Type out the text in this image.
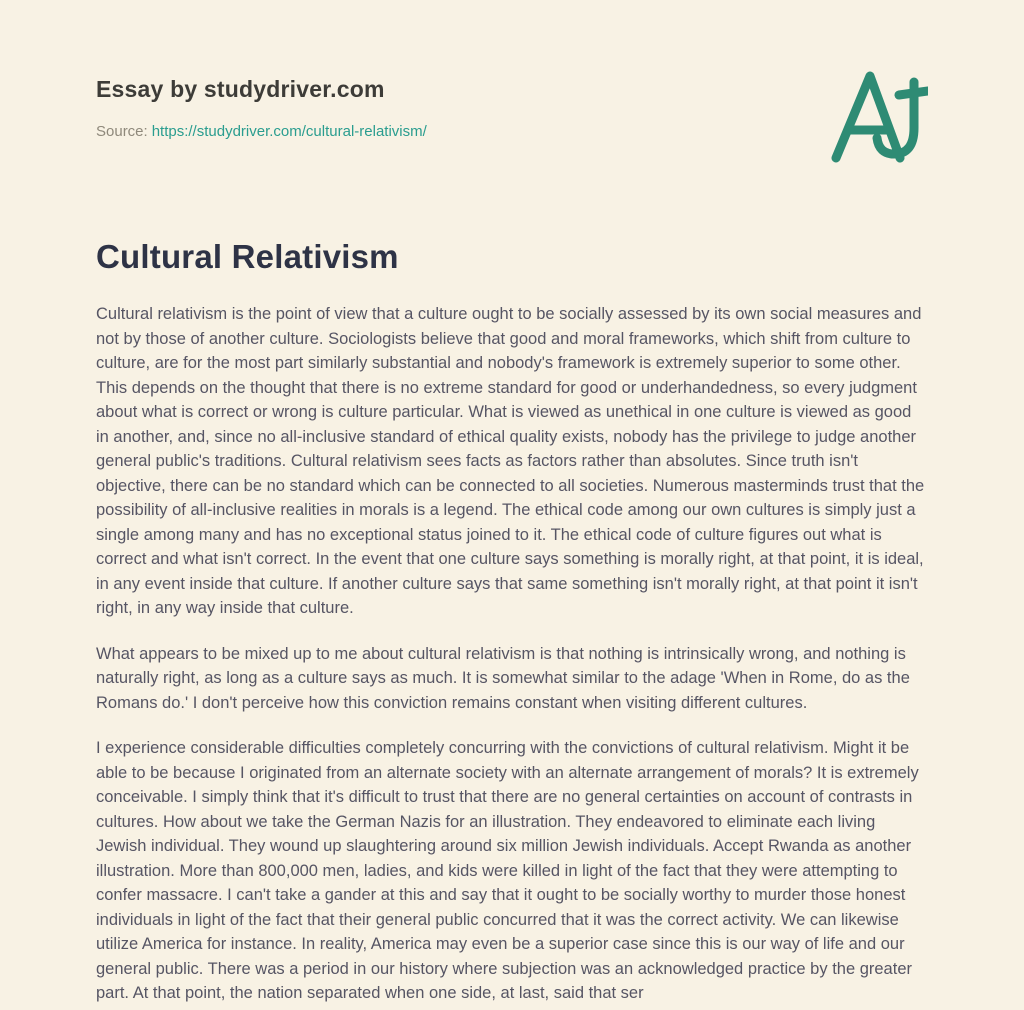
Essay by studydriver.com
Source: https://studydriver.com/cultural-relativism/
Cultural Relativism

Cultural relativism is the point of view that a culture ought to be socially assessed by its own social measures and not by those of another culture. Sociologists believe that good and moral frameworks, which shift from culture to culture, are for the most part similarly substantial and nobody's framework is extremely superior to some other. This depends on the thought that there is no extreme standard for good or underhandedness, so every judgment about what is correct or wrong is culture particular. What is viewed as unethical in one culture is viewed as good in another, and, since no all-inclusive standard of ethical quality exists, nobody has the privilege to judge another general public's traditions. Cultural relativism sees facts as factors rather than absolutes. Since truth isn't objective, there can be no standard which can be connected to all societies. Numerous masterminds trust that the possibility of all-inclusive realities in morals is a legend. The ethical code among our own cultures is simply just a single among many and has no exceptional status joined to it. The ethical code of culture figures out what is correct and what isn't correct. In the event that one culture says something is morally right, at that point, it is ideal, in any event inside that culture. If another culture says that same something isn't morally right, at that point it isn't right, in any way inside that culture.

What appears to be mixed up to me about cultural relativism is that nothing is intrinsically wrong, and nothing is naturally right, as long as a culture says as much. It is somewhat similar to the adage 'When in Rome, do as the Romans do.' I don't perceive how this conviction remains constant when visiting different cultures.

I experience considerable difficulties completely concurring with the convictions of cultural relativism. Might it be able to be because I originated from an alternate society with an alternate arrangement of morals? It is extremely conceivable. I simply think that it's difficult to trust that there are no general certainties on account of contrasts in cultures. How about we take the German Nazis for an illustration. They endeavored to eliminate each living Jewish individual. They wound up slaughtering around six million Jewish individuals. Accept Rwanda as another illustration. More than 800,000 men, ladies, and kids were killed in light of the fact that they were attempting to confer massacre. I can't take a gander at this and say that it ought to be socially worthy to murder those honest individuals in light of the fact that their general public concurred that it was the correct activity. We can likewise utilize America for instance. In reality, America may even be a superior case since this is our way of life and our general public. There was a period in our history where subjection was an acknowledged practice by the greater part. At that point, the nation separated when one side, at last, said that ser
